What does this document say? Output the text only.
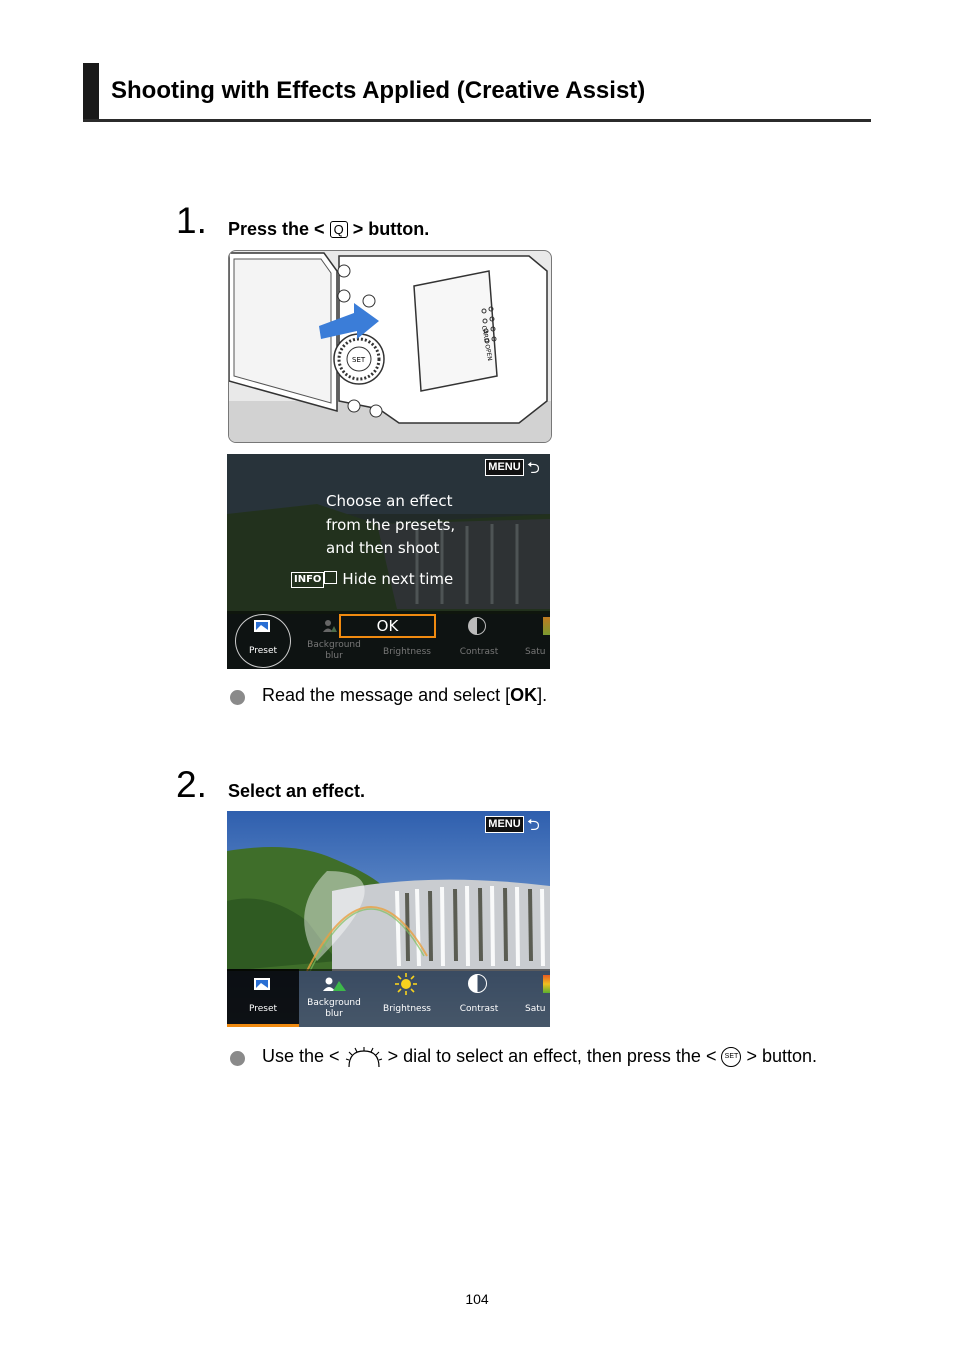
Shooting with Effects Applied (Creative Assist)
1. Press the < Q > button.
CARD OPEN
SET
MENU ⮌
Choose an effect
from the presets,
and then shoot
INFO Hide next time
OK
Preset
Background blur	Brightness	Contrast	Satu
Read the message and select [OK].
2. Select an effect.
MENU ⮌
Preset
Background blur	Brightness	Contrast	Satu
Use the <	> dial to select an effect, then press the < SET > button.
104
